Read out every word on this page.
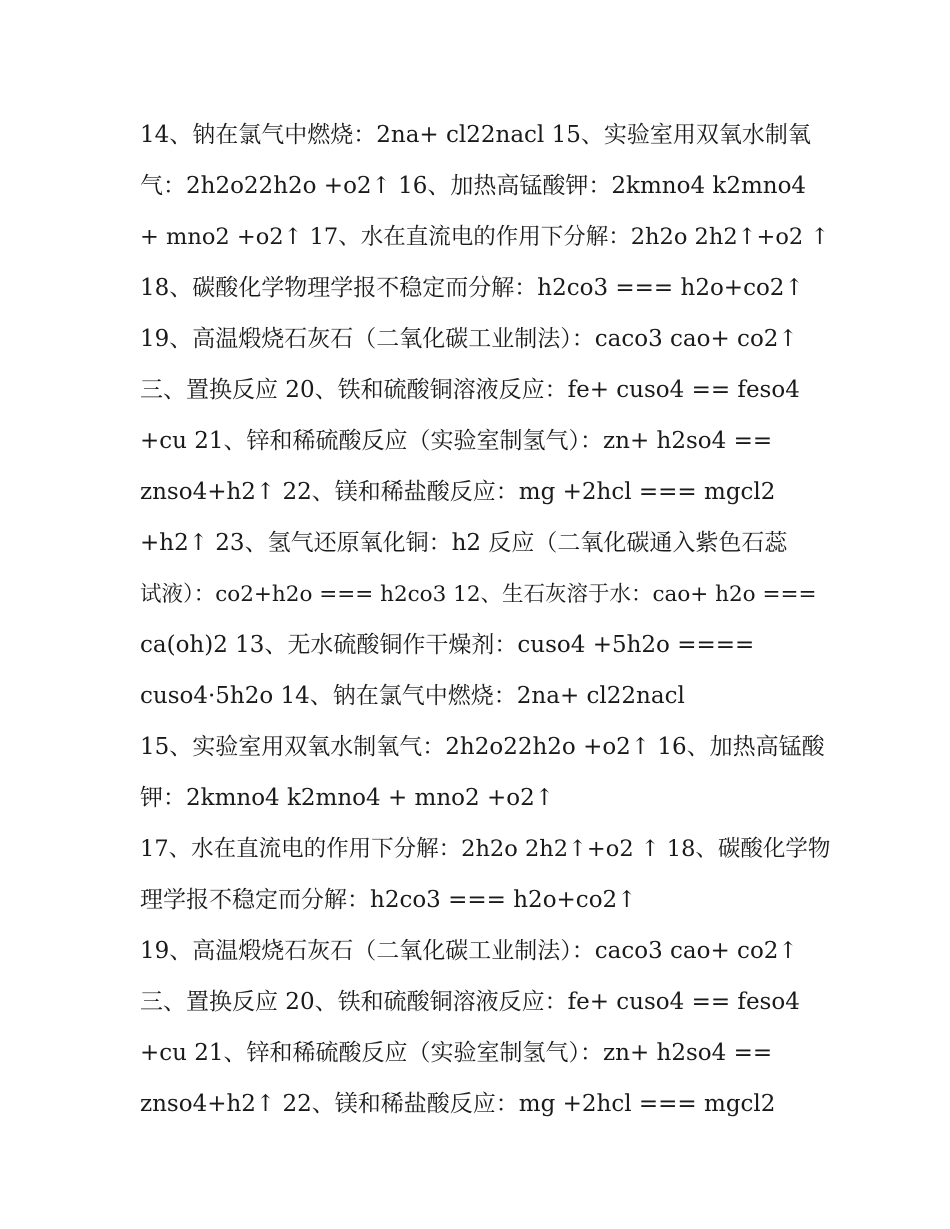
14、钠在氯气中燃烧：2na+ cl22nacl 15、实验室用双氧水制氧
气：2h2o22h2o +o2↑ 16、加热高锰酸钾：2kmno4 k2mno4
+ mno2 +o2↑ 17、水在直流电的作用下分解：2h2o 2h2↑+o2 ↑
18、碳酸化学物理学报不稳定而分解：h2co3 === h2o+co2↑
19、高温煅烧石灰石（二氧化碳工业制法）：caco3 cao+ co2↑
三、置换反应 20、铁和硫酸铜溶液反应：fe+ cuso4 == feso4
+cu 21、锌和稀硫酸反应（实验室制氢气）：zn+ h2so4 ==
znso4+h2↑ 22、镁和稀盐酸反应：mg +2hcl === mgcl2
+h2↑ 23、氢气还原氧化铜：h2 反应（二氧化碳通入紫色石蕊
试液）：co2+h2o === h2co3 12、生石灰溶于水：cao+ h2o ===
ca(oh)2 13、无水硫酸铜作干燥剂：cuso4 +5h2o ====
cuso4·5h2o 14、钠在氯气中燃烧：2na+ cl22nacl
15、实验室用双氧水制氧气：2h2o22h2o +o2↑ 16、加热高锰酸
钾：2kmno4 k2mno4 + mno2 +o2↑
17、水在直流电的作用下分解：2h2o 2h2↑+o2 ↑ 18、碳酸化学物
理学报不稳定而分解：h2co3 === h2o+co2↑
19、高温煅烧石灰石（二氧化碳工业制法）：caco3 cao+ co2↑
三、置换反应 20、铁和硫酸铜溶液反应：fe+ cuso4 == feso4
+cu 21、锌和稀硫酸反应（实验室制氢气）：zn+ h2so4 ==
znso4+h2↑ 22、镁和稀盐酸反应：mg +2hcl === mgcl2
